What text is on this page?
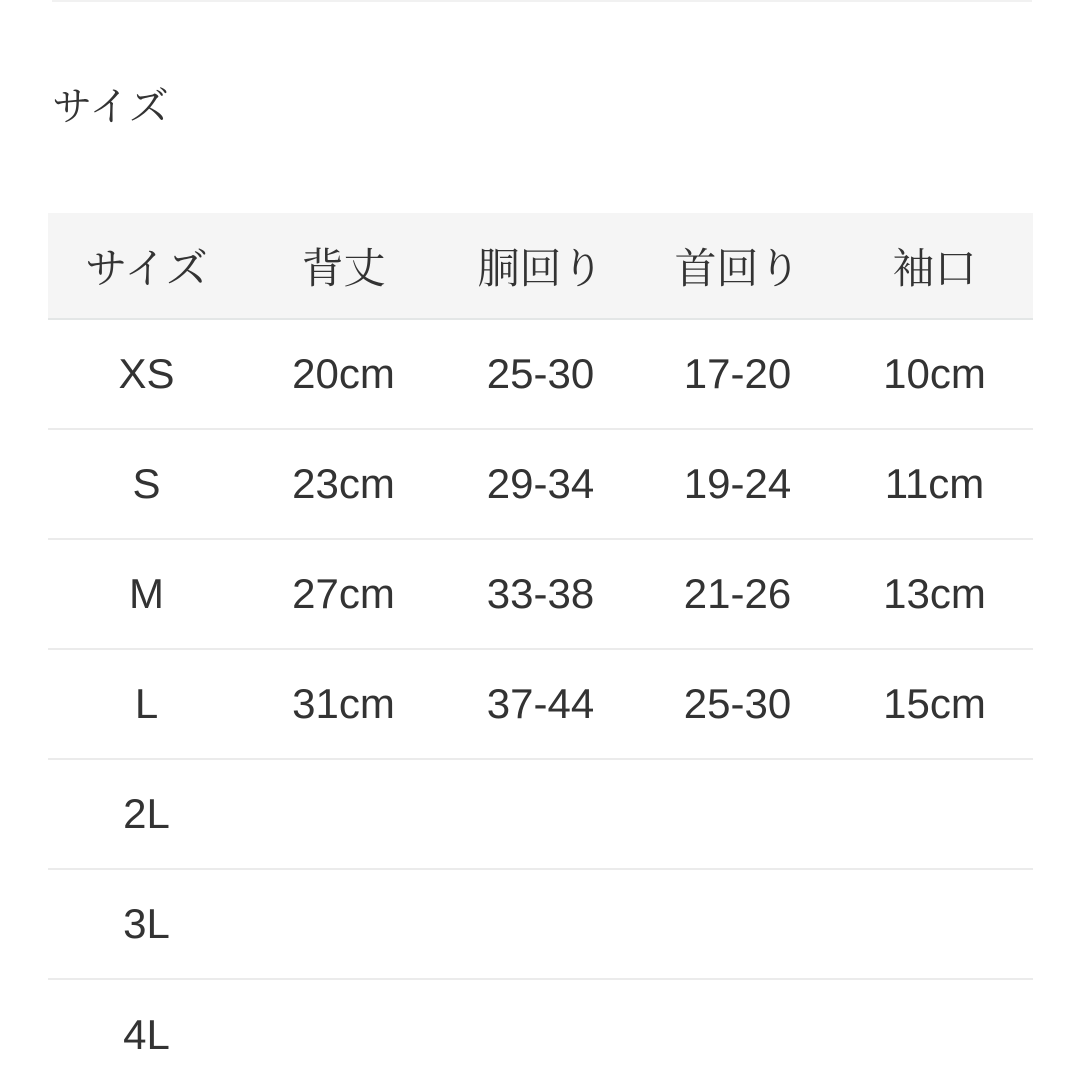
サイズ
サイズ	背丈	胴回り	首回り	袖口
XS	20cm	25-30	17-20	10cm
S	23cm	29-34	19-24	11cm
M	27cm	33-38	21-26	13cm
L	31cm	37-44	25-30	15cm
2L				
3L				
4L				
